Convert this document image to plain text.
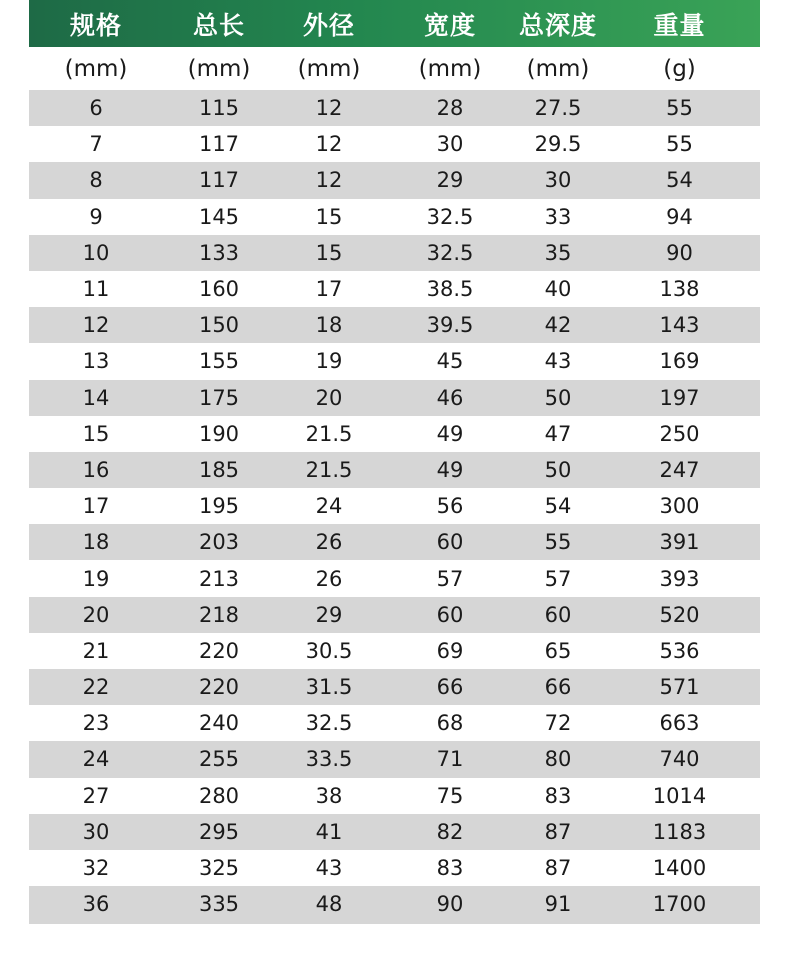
规格	总长	外径	宽度	总深度	重量
(mm)	(mm)	(mm)	(mm)	(mm)	(g)
6	115	12	28	27.5	55
7	117	12	30	29.5	55
8	117	12	29	30	54
9	145	15	32.5	33	94
10	133	15	32.5	35	90
11	160	17	38.5	40	138
12	150	18	39.5	42	143
13	155	19	45	43	169
14	175	20	46	50	197
15	190	21.5	49	47	250
16	185	21.5	49	50	247
17	195	24	56	54	300
18	203	26	60	55	391
19	213	26	57	57	393
20	218	29	60	60	520
21	220	30.5	69	65	536
22	220	31.5	66	66	571
23	240	32.5	68	72	663
24	255	33.5	71	80	740
27	280	38	75	83	1014
30	295	41	82	87	1183
32	325	43	83	87	1400
36	335	48	90	91	1700
